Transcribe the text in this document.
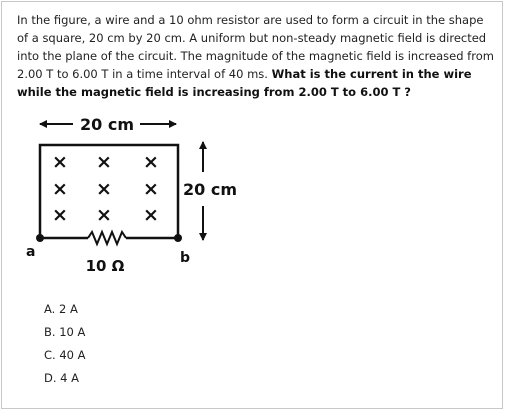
In the figure, a wire and a 10 ohm resistor are used to form a circuit in the shape of a square, 20 cm by 20 cm. A uniform but non-steady magnetic field is directed into the plane of the circuit. The magnitude of the magnetic field is increased from 2.00 T to 6.00 T in a time interval of 40 ms. What is the current in the wire while the magnetic field is increasing from 2.00 T to 6.00 T ?
20 cm
20 cm
× × ×
× × ×
× × ×
10 Ω
a	b
A. 2 A
B. 10 A
C. 40 A
D. 4 A
